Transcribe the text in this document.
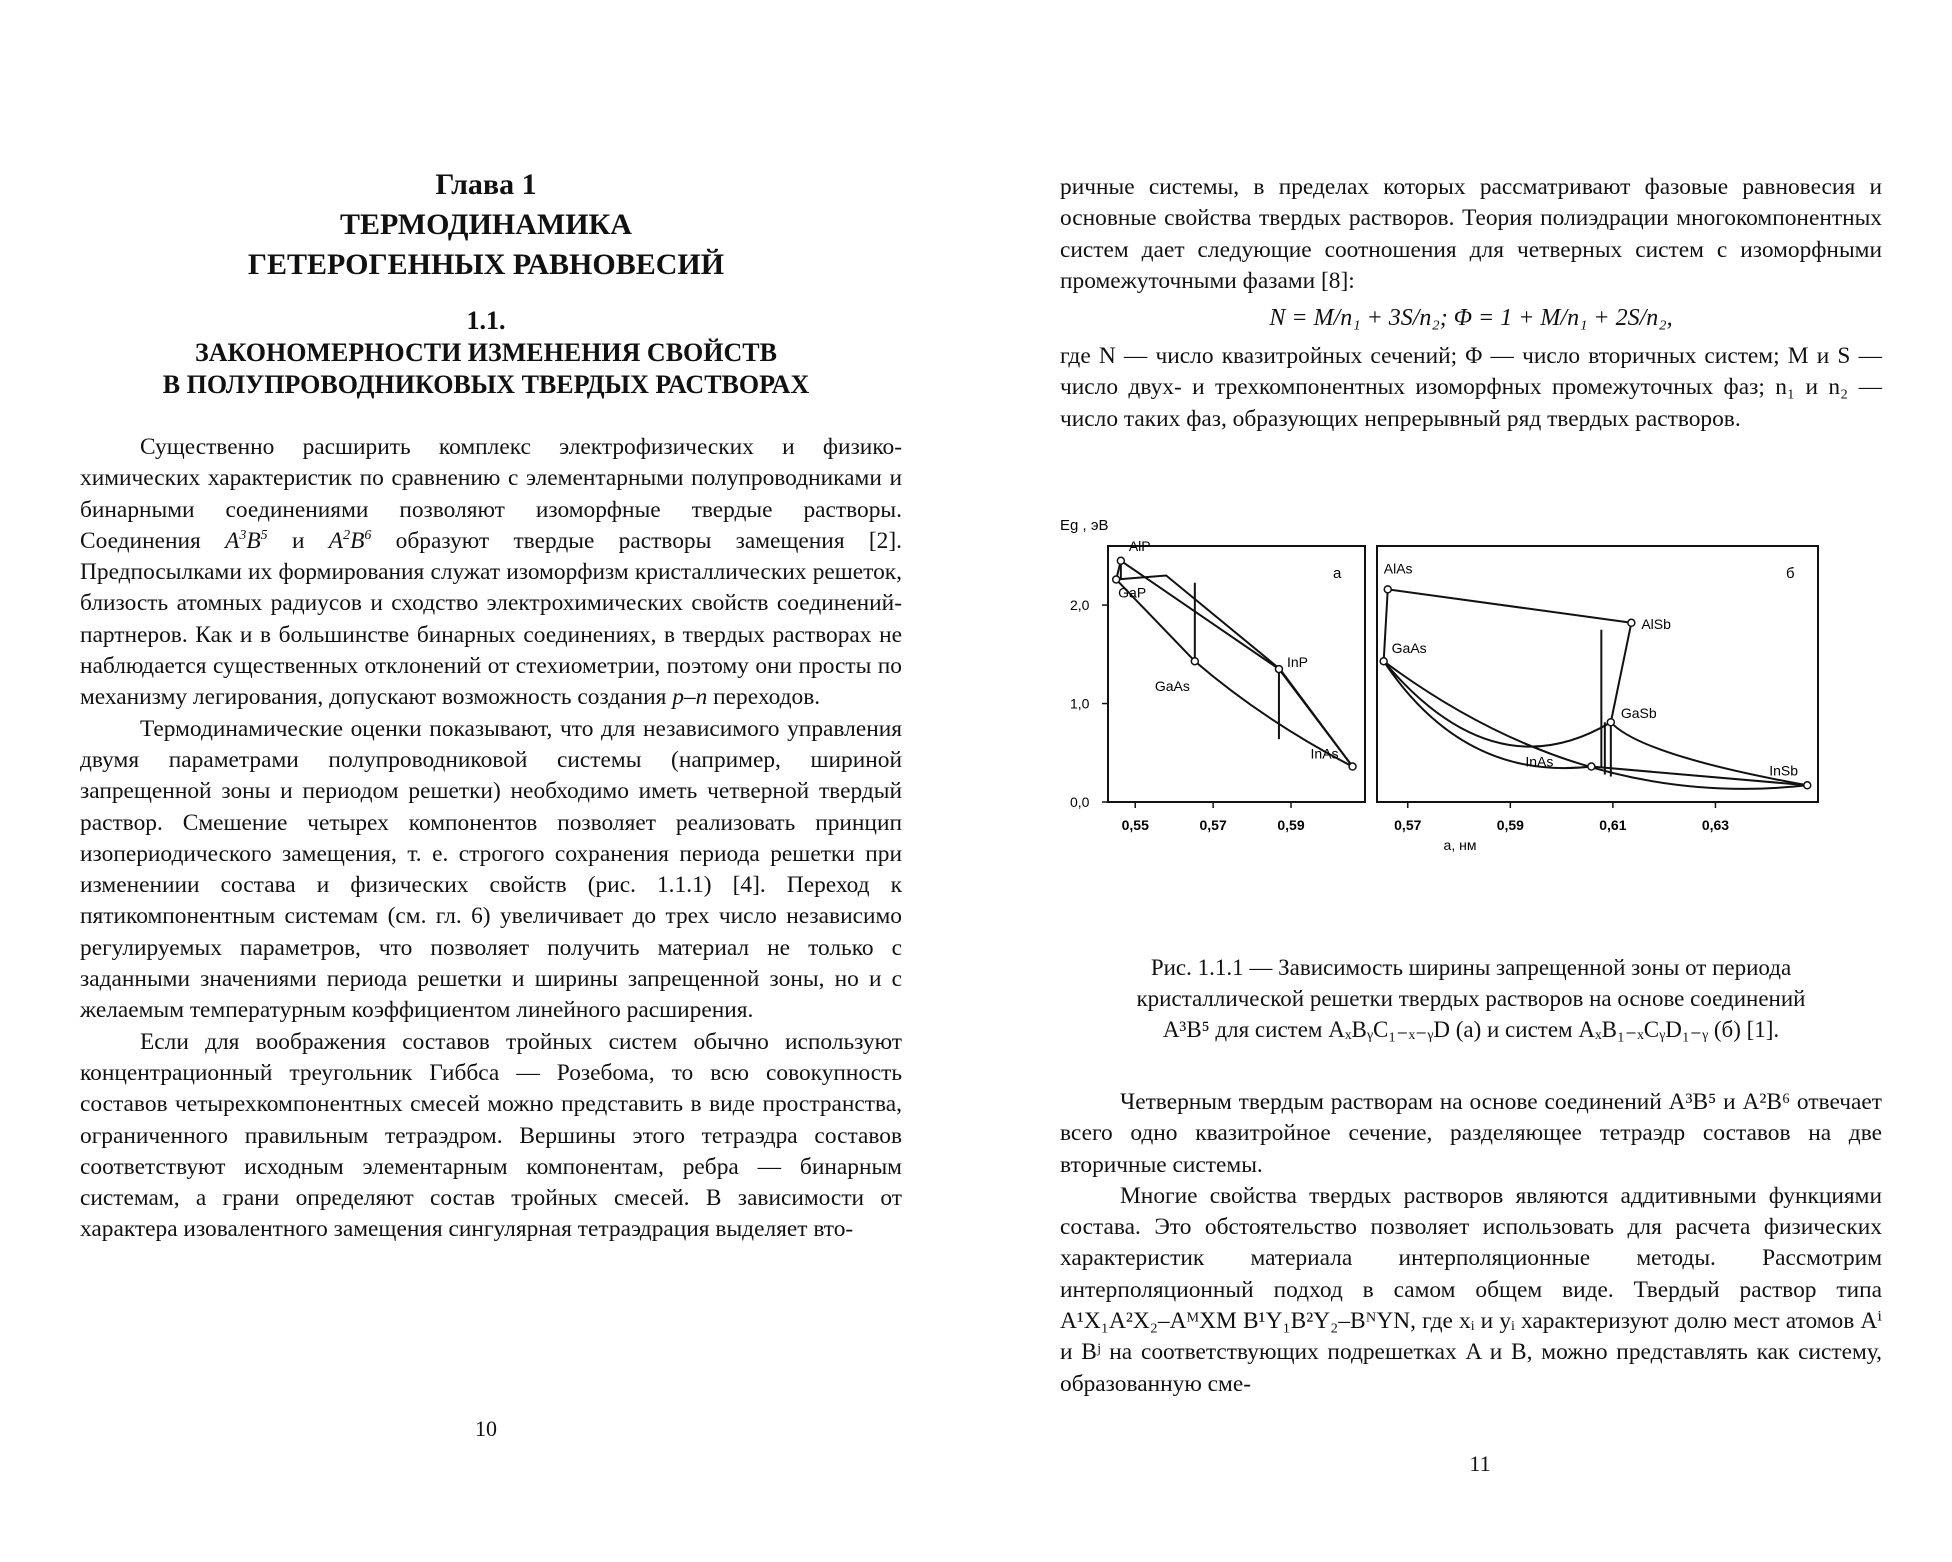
Глава 1
ТЕРМОДИНАМИКА
ГЕТЕРОГЕННЫХ РАВНОВЕСИЙ
1.1.
ЗАКОНОМЕРНОСТИ ИЗМЕНЕНИЯ СВОЙСТВ
В ПОЛУПРОВОДНИКОВЫХ ТВЕРДЫХ РАСТВОРАХ

Существенно расширить комплекс электрофизических и физико-химических характеристик по сравнению с элементарными полупроводниками и бинарными соединениями позволяют изоморфные твердые растворы. Соединения $A^3B^5$ и $A^2B^6$ образуют твердые растворы замещения [2]. Предпосылками их формирования служат изоморфизм кристаллических решеток, близость атомных радиусов и сходство электрохимических свойств соединений-партнеров. Как и в большинстве бинарных соединениях, в твердых растворах не наблюдается существенных отклонений от стехиометрии, поэтому они просты по механизму легирования, допускают возможность создания p–n переходов.

Термодинамические оценки показывают, что для независимого управления двумя параметрами полупроводниковой системы (например, шириной запрещенной зоны и периодом решетки) необходимо иметь четверной твердый раствор. Смешение четырех компонентов позволяет реализовать принцип изопериодического замещения, т. е. строгого сохранения периода решетки при изменениии состава и физических свойств (рис. 1.1.1) [4]. Переход к пятикомпонентным системам (см. гл. 6) увеличивает до трех число независимо регулируемых параметров, что позволяет получить материал не только с заданными значениями периода решетки и ширины запрещенной зоны, но и с желаемым температурным коэффициентом линейного расширения.

Если для воображения составов тройных систем обычно используют концентрационный треугольник Гиббса — Розебома, то всю совокупность составов четырехкомпонентных смесей можно представить в виде пространства, ограниченного правильным тетраэдром. Вершины этого тетраэдра составов соответствуют исходным элементарным компонентам, ребра — бинарным системам, а грани определяют состав тройных смесей. В зависимости от характера изовалентного замещения сингулярная тетраэдрация выделяет вто-

10

ричные системы, в пределах которых рассматривают фазовые равновесия и основные свойства твердых растворов. Теория полиэдрации многокомпонентных систем дает следующие соотношения для четверных систем с изоморфными промежуточными фазами [8]:

N = M/n₁ + 3S/n₂; Φ = 1 + M/n₁ + 2S/n₂,

где N — число квазитройных сечений; Φ — число вторичных систем; M и S — число двух- и трехкомпонентных изоморфных промежуточных фаз; n₁ и n₂ — число таких фаз, образующих непрерывный ряд твердых растворов.

Eg , эВ
а, нм
0,0
1,0
2,0
а
0,55	0,57	0,59
AlP
GaP
GaAs
InP
InAs
б
0,57	0,59	0,61	0,63
AlAs
AlSb
GaAs
GaSb
InAs
InSb
Рис. 1.1.1 — Зависимость ширины запрещенной зоны от периода
кристаллической решетки твердых растворов на основе соединений
A³B⁵ для систем AₓBᵧC₁₋ₓ₋ᵧD (a) и систем AₓB₁₋ₓCᵧD₁₋ᵧ (б) [1].

Четверным твердым растворам на основе соединений A³B⁵ и A²B⁶ отвечает всего одно квазитройное сечение, разделяющее тетраэдр составов на две вторичные системы.

Многие свойства твердых растворов являются аддитивными функциями состава. Это обстоятельство позволяет использовать для расчета физических характеристик материала интерполяционные методы. Рассмотрим интерполяционный подход в самом общем виде. Твердый раствор типа A¹X₁A²X₂–AᴹXM B¹Y₁B²Y₂–BᴺYN, где xᵢ и yᵢ характеризуют долю мест атомов Aⁱ и Bʲ на соответствующих подрешетках A и B, можно представлять как систему, образованную сме-

11
